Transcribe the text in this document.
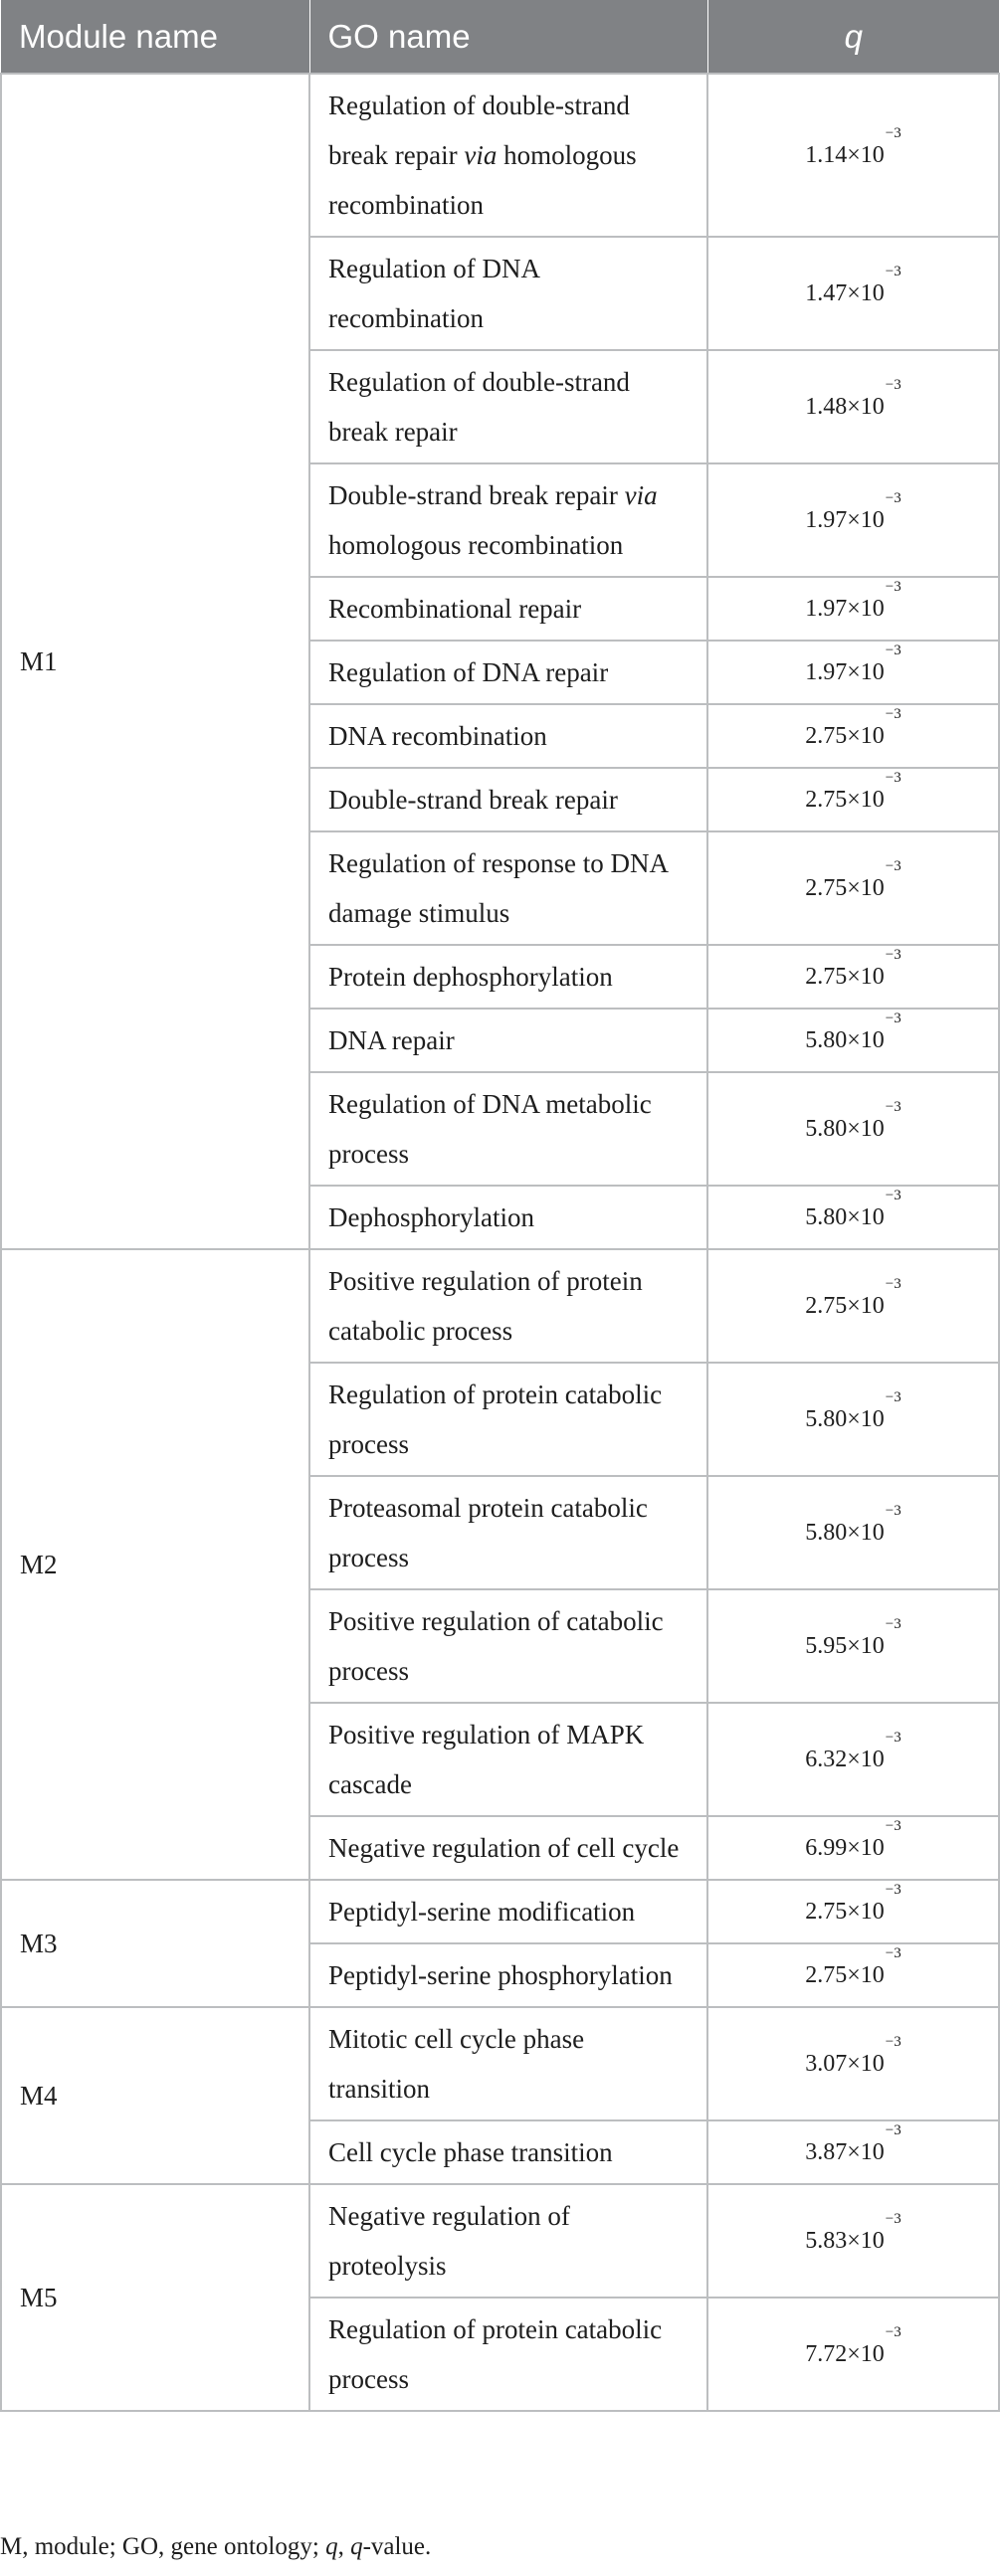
Module name	GO name	q
M1	Regulation of double-strand break repair via homologous recombination	$1.14\times 10^{-3}$
	Regulation of DNA recombination	$1.47\times 10^{-3}$
	Regulation of double-strand break repair	$1.48\times 10^{-3}$
	Double-strand break repair via homologous recombination	$1.97\times 10^{-3}$
	Recombinational repair	$1.97\times 10^{-3}$
	Regulation of DNA repair	$1.97\times 10^{-3}$
	DNA recombination	$2.75\times 10^{-3}$
	Double-strand break repair	$2.75\times 10^{-3}$
	Regulation of response to DNA damage stimulus	$2.75\times 10^{-3}$
	Protein dephosphorylation	$2.75\times 10^{-3}$
	DNA repair	$5.80\times 10^{-3}$
	Regulation of DNA metabolic process	$5.80\times 10^{-3}$
	Dephosphorylation	$5.80\times 10^{-3}$
M2	Positive regulation of protein catabolic process	$2.75\times 10^{-3}$
	Regulation of protein catabolic process	$5.80\times 10^{-3}$
	Proteasomal protein catabolic process	$5.80\times 10^{-3}$
	Positive regulation of catabolic process	$5.95\times 10^{-3}$
	Positive regulation of MAPK cascade	$6.32\times 10^{-3}$
	Negative regulation of cell cycle	$6.99\times 10^{-3}$
M3	Peptidyl-serine modification	$2.75\times 10^{-3}$
	Peptidyl-serine phosphorylation	$2.75\times 10^{-3}$
M4	Mitotic cell cycle phase transition	$3.07\times 10^{-3}$
	Cell cycle phase transition	$3.87\times 10^{-3}$
M5	Negative regulation of proteolysis	$5.83\times 10^{-3}$
	Regulation of protein catabolic process	$7.72\times 10^{-3}$
M, module; GO, gene ontology; q, q-value.
